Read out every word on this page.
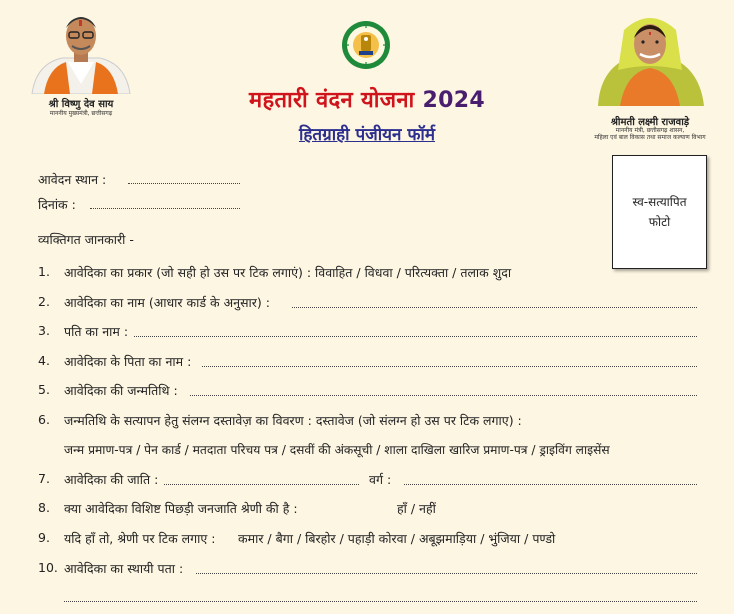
श्री विष्णु देव साय
माननीय मुख्यमंत्री, छत्तीसगढ़
श्रीमती लक्ष्मी राजवाड़े
माननीय मंत्री, छत्तीसगढ़ शासन,
महिला एवं बाल विकास तथा समाज कल्याण विभाग
महतारी वंदन योजना 2024
हितग्राही पंजीयन फॉर्म
स्व-सत्यापित
फोटो
आवेदन स्थान :
दिनांक :
व्यक्तिगत जानकारी -
1. आवेदिका का प्रकार (जो सही हो उस पर टिक लगाएं) : विवाहित / विधवा / परित्यक्ता / तलाक शुदा
2. आवेदिका का नाम (आधार कार्ड के अनुसार) :
3. पति का नाम :
4. आवेदिका के पिता का नाम :
5. आवेदिका की जन्मतिथि :
6. जन्मतिथि के सत्यापन हेतु संलग्न दस्तावेज़ का विवरण : दस्तावेज (जो संलग्न हो उस पर टिक लगाए) :
जन्म प्रमाण-पत्र / पेन कार्ड / मतदाता परिचय पत्र / दसवीं की अंकसूची / शाला दाखिला खारिज प्रमाण-पत्र / ड्राइविंग लाइसेंस
7. आवेदिका की जाति :	वर्ग :
8. क्या आवेदिका विशिष्ट पिछड़ी जनजाति श्रेणी की है :	हाँ / नहीं
9. यदि हाँ तो, श्रेणी पर टिक लगाए : कमार / बैगा / बिरहोर / पहाड़ी कोरवा / अबूझमाड़िया / भुंजिया / पण्डो
10. आवेदिका का स्थायी पता :
